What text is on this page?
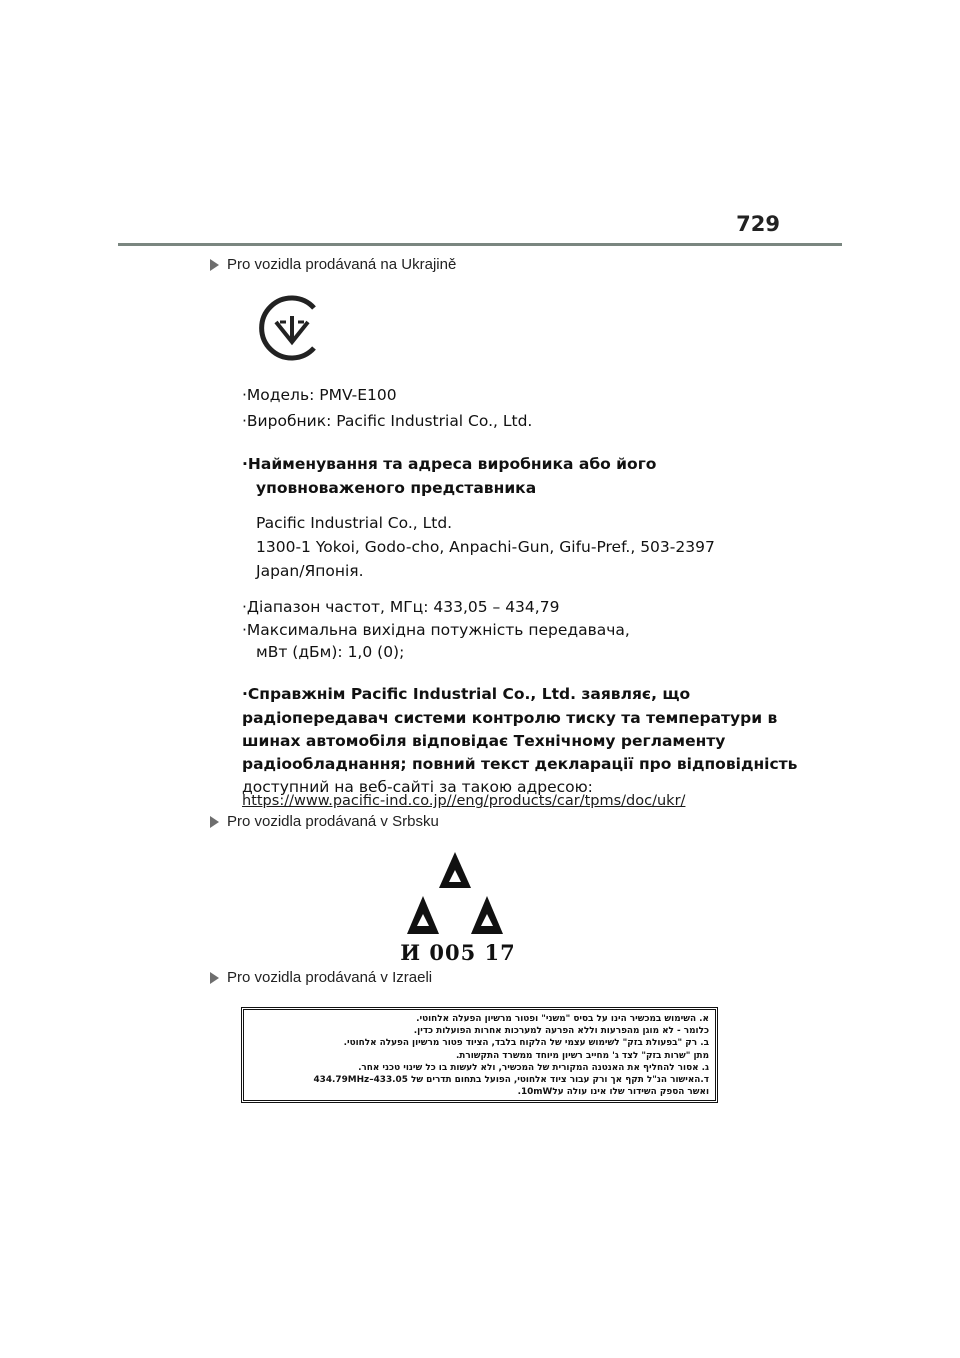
729
Pro vozidla prodávaná na Ukrajině
·Модель: PMV-E100
·Виробник: Pacific Industrial Co., Ltd.
·Найменування та адреса виробника або його
уповноваженого представника
Pacific Industrial Co., Ltd.
1300-1 Yokoi, Godo-cho, Anpachi-Gun, Gifu-Pref., 503-2397
Japan/Японія.
·Діапазон частот, МГц: 433,05 – 434,79
·Максимальна вихідна потужність передавача,
мВт (дБм): 1,0 (0);
·Справжнім Pacific Industrial Co., Ltd. заявляє, що
радіопередавач системи контролю тиску та температури в
шинах автомобіля відповідає Технічному регламенту
радіообладнання; повний текст декларації про відповідність
доступний на веб-сайті за такою адресою:
https://www.pacific-ind.co.jp//eng/products/car/tpms/doc/ukr/
Pro vozidla prodávaná v Srbsku
И 005 17
Pro vozidla prodávaná v Izraeli
א. השימוש במכשיר הינו על בסיס "משני" ופטור מרשיון הפעלה אלחוטי.
כלומר - לא מוגן מהפרעות וללא הפרעה למערכות אחרות הפועלות כדין.
ב. רק "בפעולת בזק" לשימוש עצמי של הלקוח בלבד, הציוד פטור מרשיון הפעלה אלחוטי.
מתן "שרות בזק" לצד ג' מחייב רשיון מיוחד ממשרד התקשורת.
ג. אסור להחליף את האנטנה המקורית של המכשיר, ולא לעשות בו כל שינוי טכני אחר.
ד.האישור הנ"ל תקף אך ורק עבור ציוד אלחוטי, הפועל בתחום תדרים של 433.05–434.79MHz
ואשר הספק השידור שלו אינו עולה על10mW.
